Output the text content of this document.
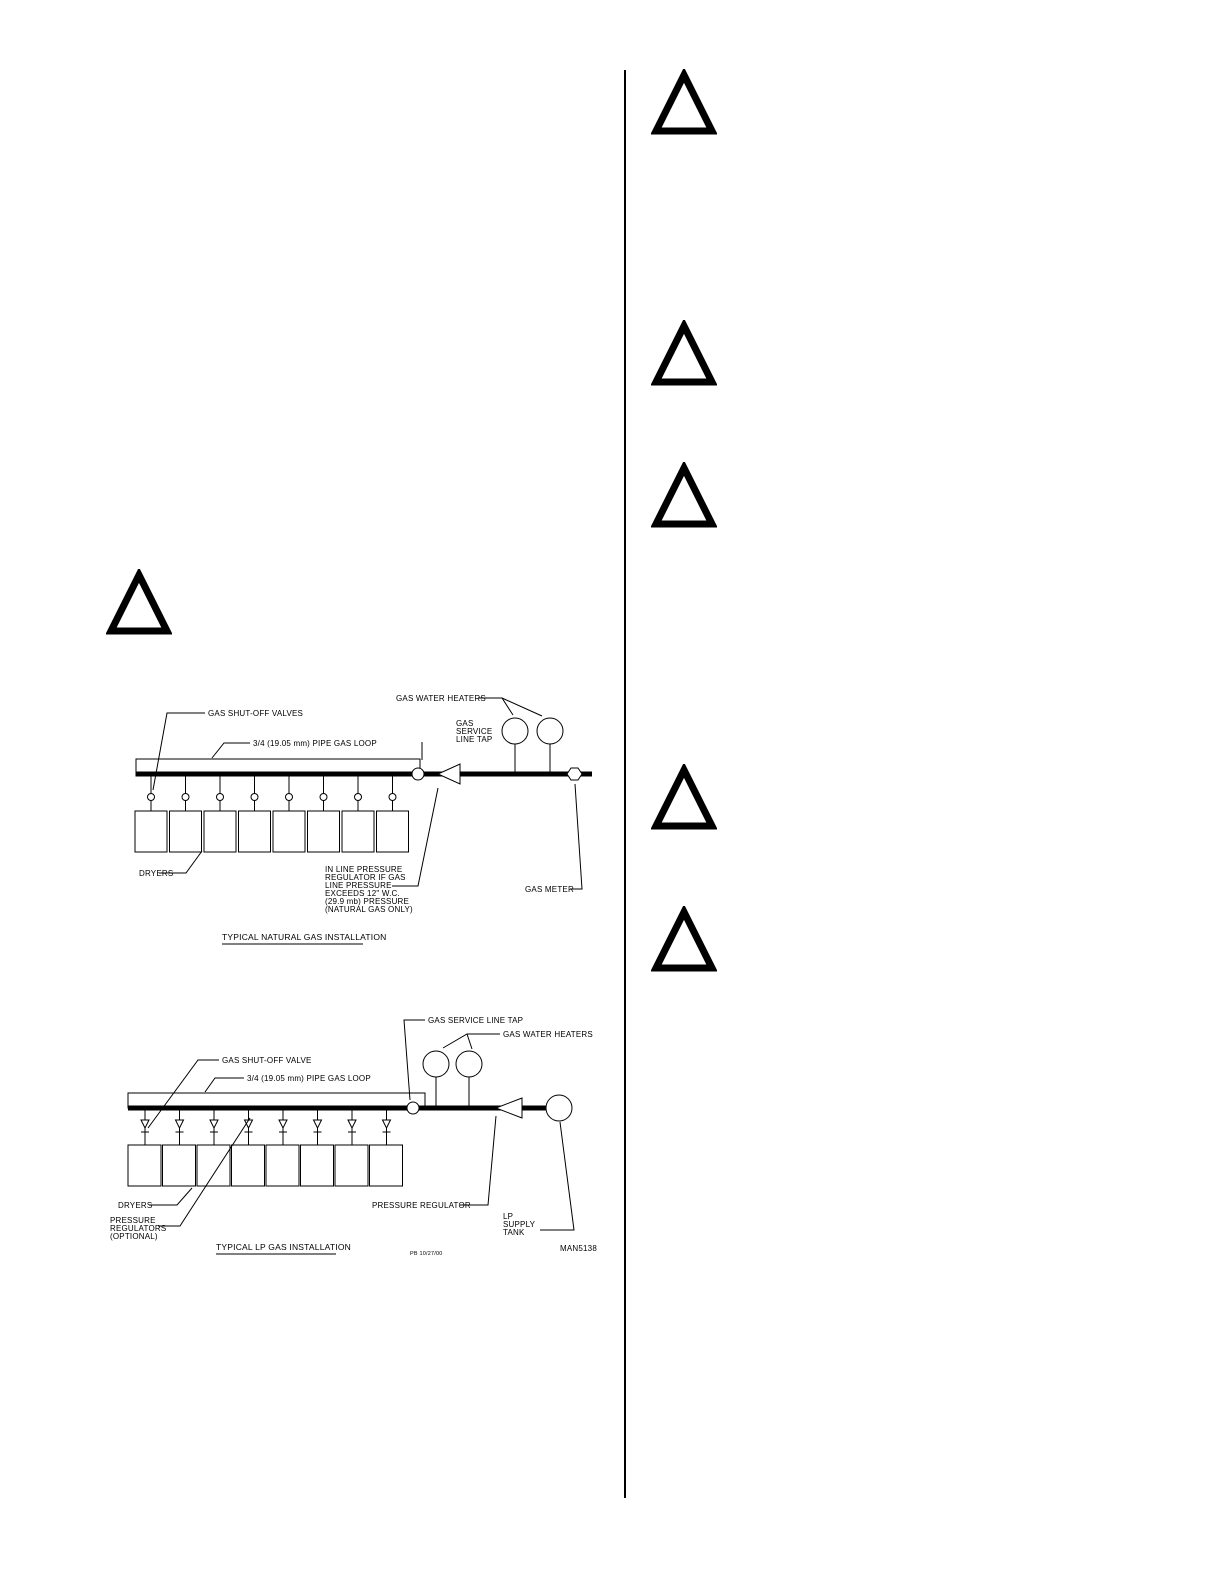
GAS SHUT-OFF VALVES
3/4 (19.05 mm) PIPE GAS LOOP
GAS WATER HEATERS
GAS
SERVICE
LINE TAP
DRYERS	IN LINE PRESSURE
REGULATOR IF GAS
LINE PRESSURE
EXCEEDS 12" W.C.
(29.9 mb) PRESSURE
(NATURAL GAS ONLY)
GAS METER
TYPICAL NATURAL GAS INSTALLATION
GAS SERVICE LINE TAP
GAS WATER HEATERS
GAS SHUT-OFF VALVE
3/4 (19.05 mm) PIPE GAS LOOP
DRYERS
PRESSURE
REGULATORS
(OPTIONAL)
PRESSURE REGULATOR
LP
SUPPLY
TANK
TYPICAL LP GAS INSTALLATION
PB 10/27/00
MAN5138
